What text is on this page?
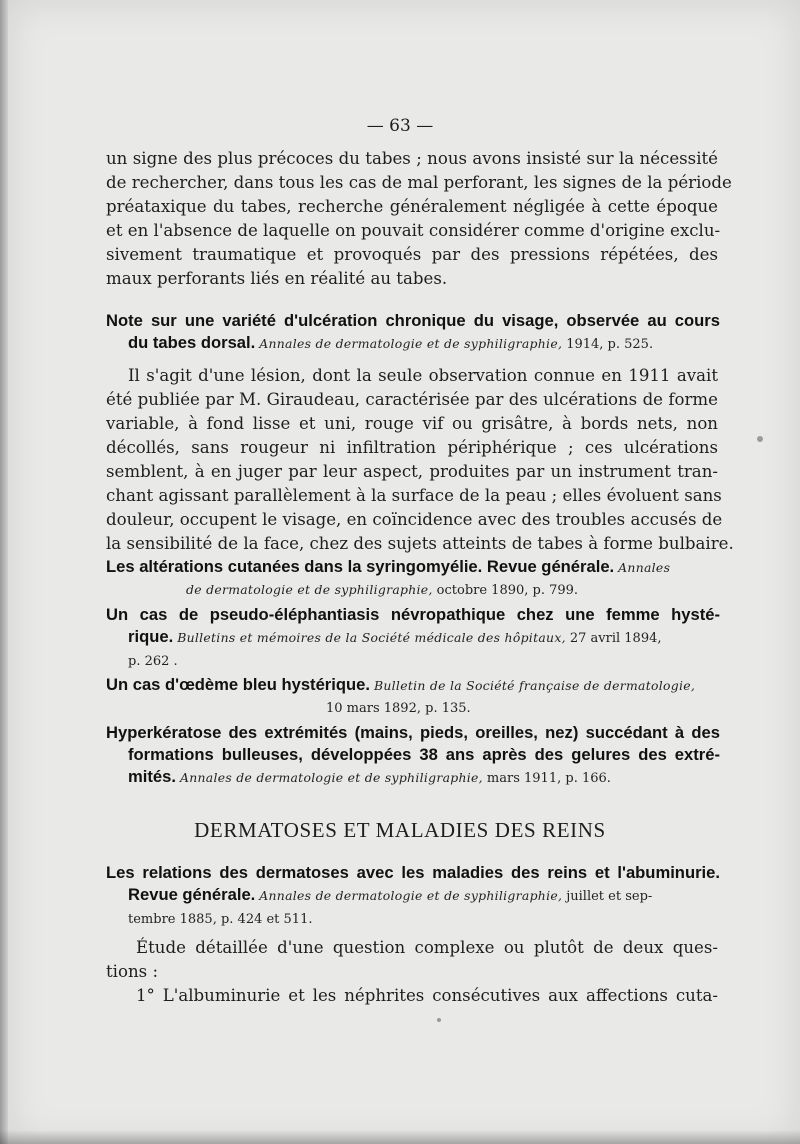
— 63 —
un signe des plus précoces du tabes ; nous avons insisté sur la nécessité
de rechercher, dans tous les cas de mal perforant, les signes de la période
préataxique du tabes, recherche généralement négligée à cette époque
et en l'absence de laquelle on pouvait considérer comme d'origine exclu-
sivement traumatique et provoqués par des pressions répétées, des
maux perforants liés en réalité au tabes.
Note sur une variété d'ulcération chronique du visage, observée au cours
du tabes dorsal. Annales de dermatologie et de syphiligraphie, 1914, p. 525.
Il s'agit d'une lésion, dont la seule observation connue en 1911 avait
été publiée par M. Giraudeau, caractérisée par des ulcérations de forme
variable, à fond lisse et uni, rouge vif ou grisâtre, à bords nets, non
décollés, sans rougeur ni infiltration périphérique ; ces ulcérations
semblent, à en juger par leur aspect, produites par un instrument tran-
chant agissant parallèlement à la surface de la peau ; elles évoluent sans
douleur, occupent le visage, en coïncidence avec des troubles accusés de
la sensibilité de la face, chez des sujets atteints de tabes à forme bulbaire.
Les altérations cutanées dans la syringomyélie. Revue générale. Annales
de dermatologie et de syphiligraphie, octobre 1890, p. 799.
Un cas de pseudo-éléphantiasis névropathique chez une femme hysté-
rique. Bulletins et mémoires de la Société médicale des hôpitaux, 27 avril 1894,
p. 262 .
Un cas d'œdème bleu hystérique. Bulletin de la Société française de dermatologie,
10 mars 1892, p. 135.
Hyperkératose des extrémités (mains, pieds, oreilles, nez) succédant à des
formations bulleuses, développées 38 ans après des gelures des extré-
mités. Annales de dermatologie et de syphiligraphie, mars 1911, p. 166.
DERMATOSES ET MALADIES DES REINS
Les relations des dermatoses avec les maladies des reins et l'abuminurie.
Revue générale. Annales de dermatologie et de syphiligraphie, juillet et sep-
tembre 1885, p. 424 et 511.
Étude détaillée d'une question complexe ou plutôt de deux ques-
tions :
1° L'albuminurie et les néphrites consécutives aux affections cuta-
